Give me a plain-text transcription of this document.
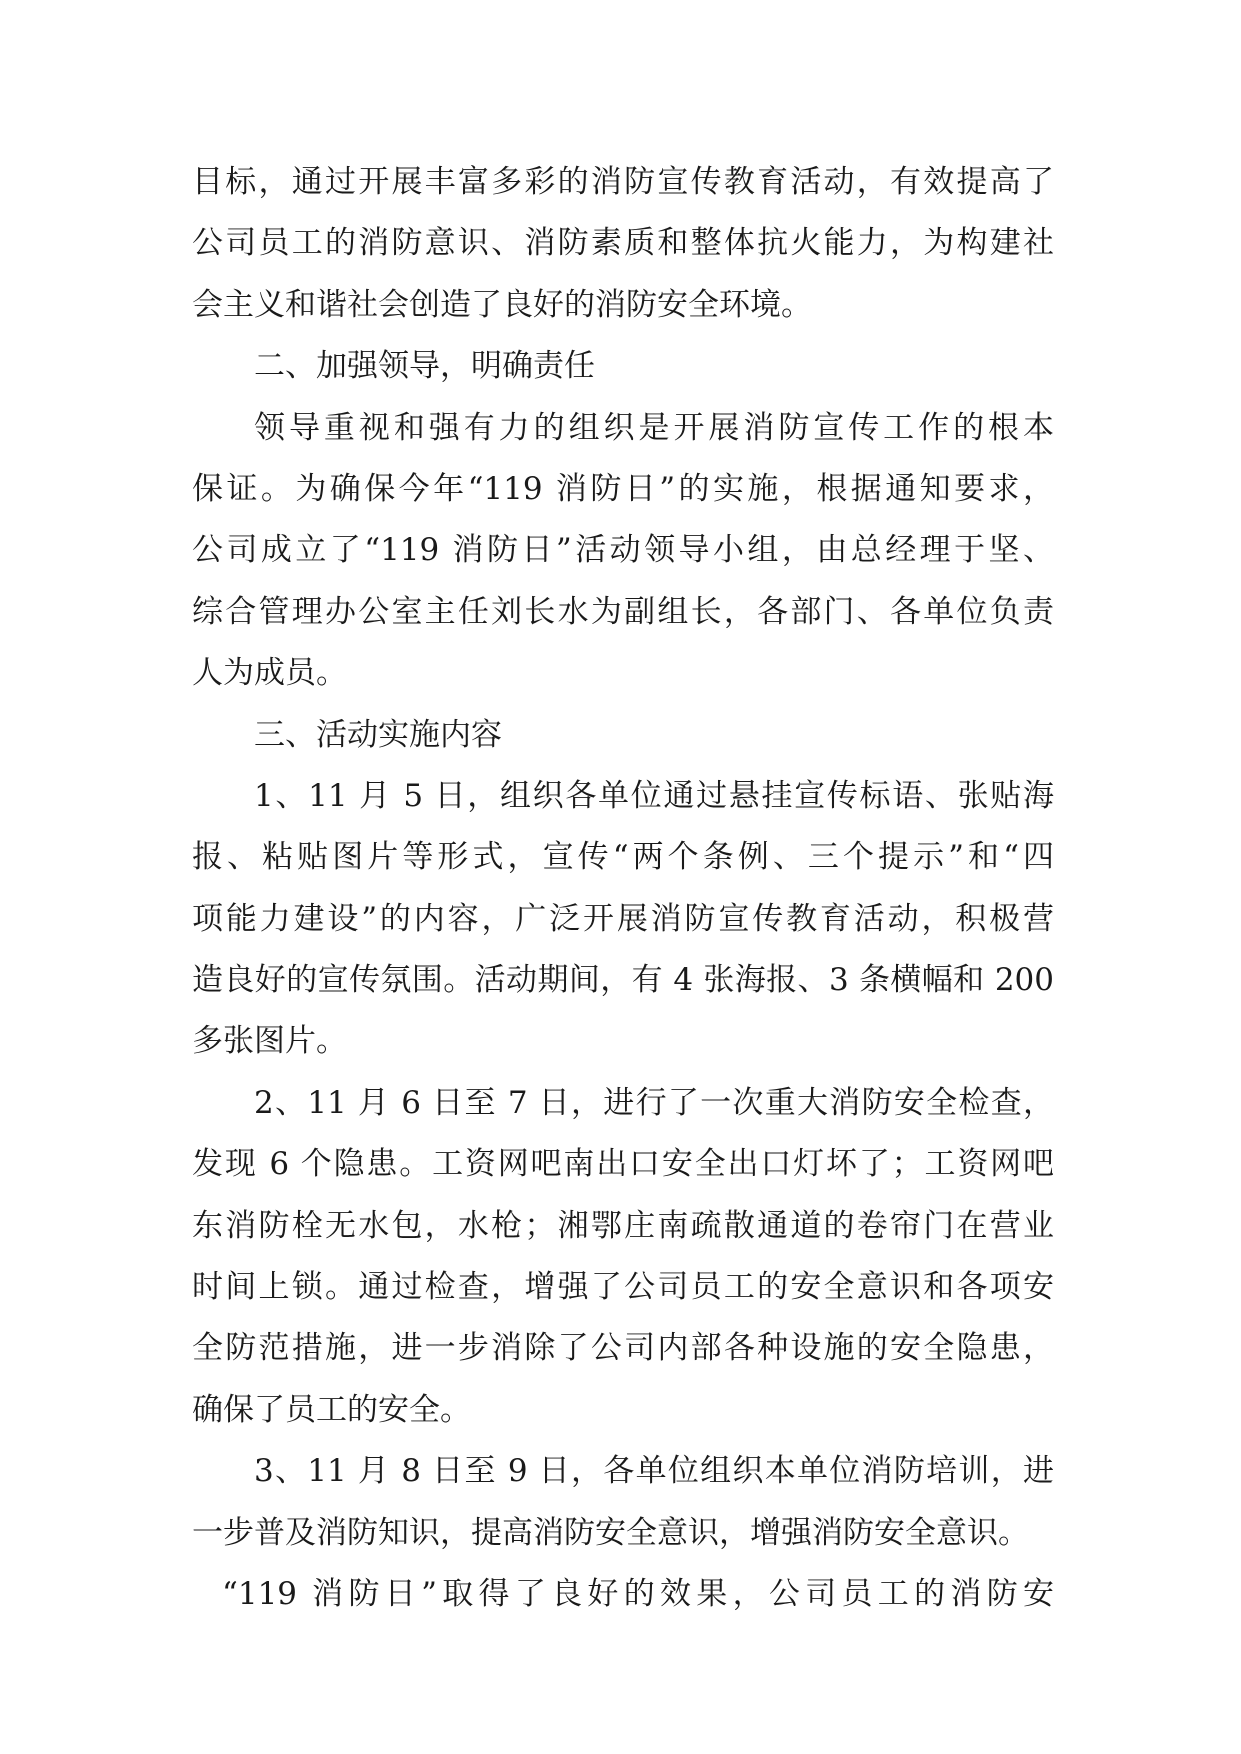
目标，通过开展丰富多彩的消防宣传教育活动，有效提高了
公司员工的消防意识、消防素质和整体抗火能力，为构建社
会主义和谐社会创造了良好的消防安全环境。
二、加强领导，明确责任
领导重视和强有力的组织是开展消防宣传工作的根本
保证。为确保今年“119 消防日”的实施，根据通知要求，
公司成立了“119 消防日”活动领导小组，由总经理于坚、
综合管理办公室主任刘长水为副组长，各部门、各单位负责
人为成员。
三、活动实施内容
1、11 月 5 日，组织各单位通过悬挂宣传标语、张贴海
报、粘贴图片等形式，宣传“两个条例、三个提示”和“四
项能力建设”的内容，广泛开展消防宣传教育活动，积极营
造良好的宣传氛围。活动期间，有 4 张海报、3 条横幅和 200
多张图片。
2、11 月 6 日至 7 日，进行了一次重大消防安全检查，
发现 6 个隐患。工资网吧南出口安全出口灯坏了；工资网吧
东消防栓无水包，水枪；湘鄂庄南疏散通道的卷帘门在营业
时间上锁。通过检查，增强了公司员工的安全意识和各项安
全防范措施，进一步消除了公司内部各种设施的安全隐患，
确保了员工的安全。
3、11 月 8 日至 9 日，各单位组织本单位消防培训，进
一步普及消防知识，提高消防安全意识，增强消防安全意识。
“119 消防日”取得了良好的效果，公司员工的消防安
